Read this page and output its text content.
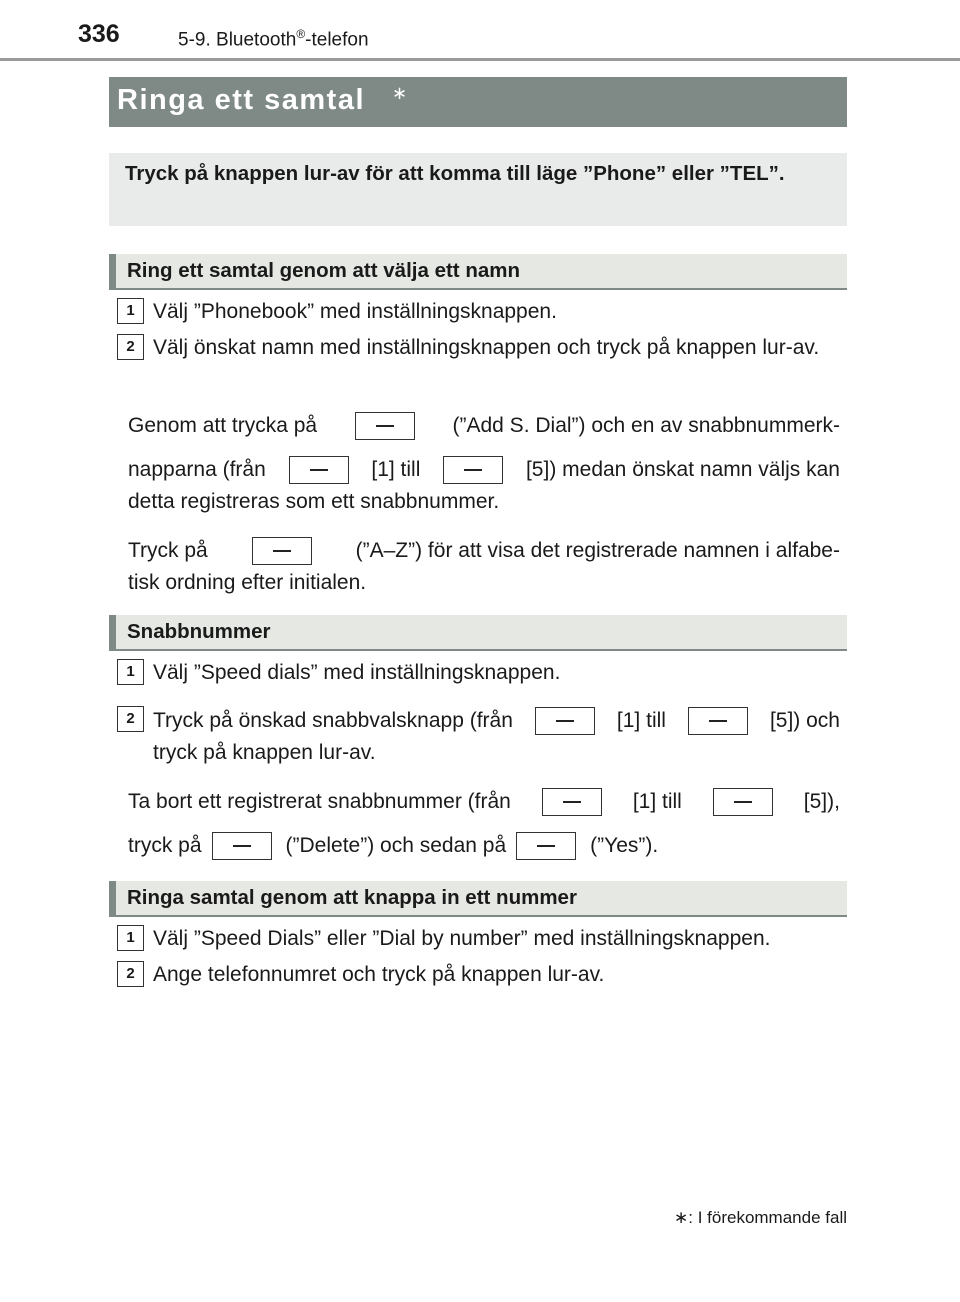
336	5-9. Bluetooth®-telefon
Ringa ett samtal ∗
Tryck på knappen lur-av för att komma till läge ”Phone” eller ”TEL”.
Ring ett samtal genom att välja ett namn
1 Välj ”Phonebook” med inställningsknappen.
2 Välj önskat namn med inställningsknappen och tryck på knappen lur-av.
Genom att trycka på	(”Add S. Dial”) och en av snabbnummerk-
napparna (från	[1] till	[5]) medan önskat namn väljs kan
detta registreras som ett snabbnummer.
Tryck på	(”A–Z”) för att visa det registrerade namnen i alfabe-
tisk ordning efter initialen.
Snabbnummer
1 Välj ”Speed dials” med inställningsknappen.
2 Tryck på önskad snabbvalsknapp (från	[1] till	[5]) och
tryck på knappen lur-av.
Ta bort ett registrerat snabbnummer (från	[1] till	[5]),
tryck på	(”Delete”) och sedan på	(”Yes”).
Ringa samtal genom att knappa in ett nummer
1 Välj ”Speed Dials” eller ”Dial by number” med inställningsknappen.
2 Ange telefonnumret och tryck på knappen lur-av.
∗: I förekommande fall
